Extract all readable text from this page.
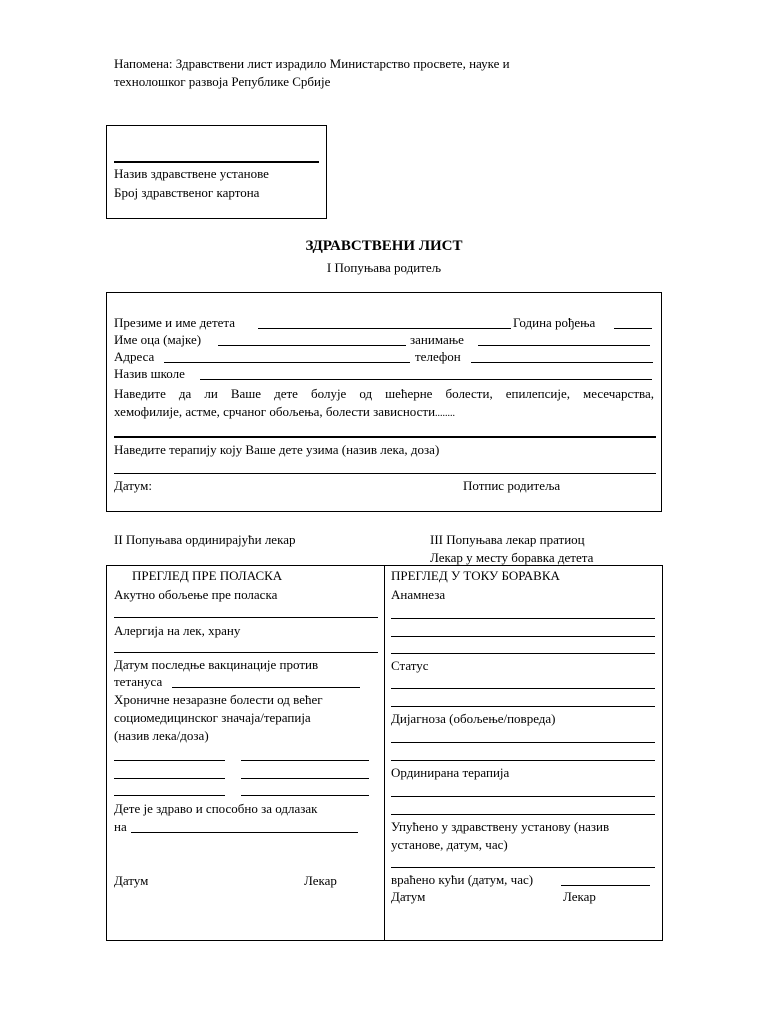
Напомена: Здравствени лист израдило Министарство просвете, науке и
технолошког развоја Републике Србије
Назив здравствене установе
Број здравственог картона
ЗДРАВСТВЕНИ ЛИСТ
I Попуњава родитељ
Презиме и име детета	Година рођења
Име оца (мајке)	занимање
Адреса	телефон
Назив школе
Наведите да ли Ваше дете болује од шећерне болести, епилепсије, месечарства,
хемофилије, астме, срчаног обољења, болести зависности........
Наведите терапију коју Ваше дете узима (назив лека, доза)
Датум:	Потпис родитеља
II Попуњава ординирајући лекар	III Попуњава лекар пратиоц
Лекар у месту боравка детета
ПРЕГЛЕД ПРЕ ПОЛАСКА
Акутно обољење пре поласка
Алергија на лек, храну
Датум последње вакцинације против
тетануса
Хроничне незаразне болести од већег
социомедицинског значаја/терапија
(назив лека/доза)
Дете је здраво и способно за одлазак
на
Датум	Лекар
ПРЕГЛЕД У ТОКУ БОРАВКА
Анамнеза
Статус
Дијагноза (обољење/повреда)
Ординирана терапија
Упућено у здравствену установу (назив
установе, датум, час)
враћено кући (датум, час)
Датум	Лекар
